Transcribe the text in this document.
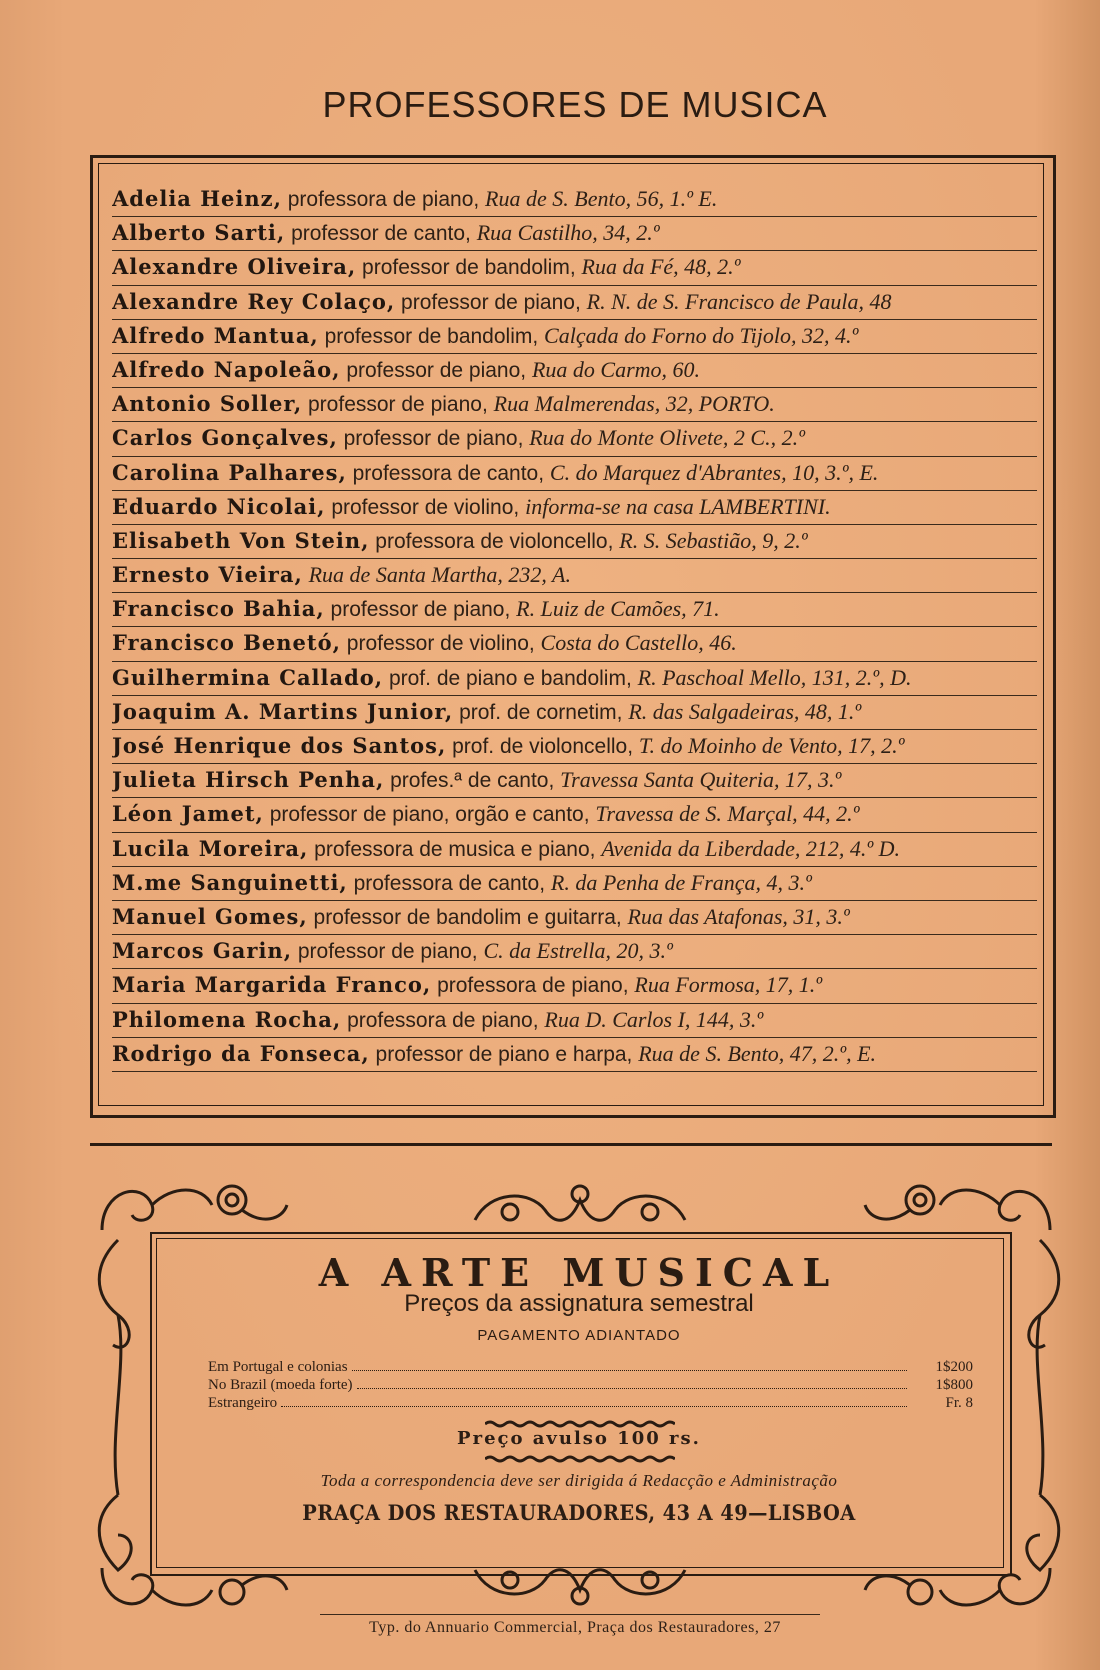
PROFESSORES DE MUSICA
Adelia Heinz, professora de piano, Rua de S. Bento, 56, 1.º E.
Alberto Sarti, professor de canto, Rua Castilho, 34, 2.º
Alexandre Oliveira, professor de bandolim, Rua da Fé, 48, 2.º
Alexandre Rey Colaço, professor de piano, R. N. de S. Francisco de Paula, 48
Alfredo Mantua, professor de bandolim, Calçada do Forno do Tijolo, 32, 4.º
Alfredo Napoleão, professor de piano, Rua do Carmo, 60.
Antonio Soller, professor de piano, Rua Malmerendas, 32, PORTO.
Carlos Gonçalves, professor de piano, Rua do Monte Olivete, 2 C., 2.º
Carolina Palhares, professora de canto, C. do Marquez d'Abrantes, 10, 3.º, E.
Eduardo Nicolai, professor de violino, informa-se na casa LAMBERTINI.
Elisabeth Von Stein, professora de violoncello, R. S. Sebastião, 9, 2.º
Ernesto Vieira, Rua de Santa Martha, 232, A.
Francisco Bahia, professor de piano, R. Luiz de Camões, 71.
Francisco Benetó, professor de violino, Costa do Castello, 46.
Guilhermina Callado, prof. de piano e bandolim, R. Paschoal Mello, 131, 2.º, D.
Joaquim A. Martins Junior, prof. de cornetim, R. das Salgadeiras, 48, 1.º
José Henrique dos Santos, prof. de violoncello, T. do Moinho de Vento, 17, 2.º
Julieta Hirsch Penha, profes.ª de canto, Travessa Santa Quiteria, 17, 3.º
Léon Jamet, professor de piano, orgão e canto, Travessa de S. Marçal, 44, 2.º
Lucila Moreira, professora de musica e piano, Avenida da Liberdade, 212, 4.º D.
M.me Sanguinetti, professora de canto, R. da Penha de França, 4, 3.º
Manuel Gomes, professor de bandolim e guitarra, Rua das Atafonas, 31, 3.º
Marcos Garin, professor de piano, C. da Estrella, 20, 3.º
Maria Margarida Franco, professora de piano, Rua Formosa, 17, 1.º
Philomena Rocha, professora de piano, Rua D. Carlos I, 144, 3.º
Rodrigo da Fonseca, professor de piano e harpa, Rua de S. Bento, 47, 2.º, E.
A ARTE MUSICAL
Preços da assignatura semestral
PAGAMENTO ADIANTADO
Em Portugal e colonias	1$200
No Brazil (moeda forte)	1$800
Estrangeiro	Fr. 8
Preço avulso 100 rs.
Toda a correspondencia deve ser dirigida á Redacção e Administração
PRAÇA DOS RESTAURADORES, 43 A 49—LISBOA
Typ. do Annuario Commercial, Praça dos Restauradores, 27
